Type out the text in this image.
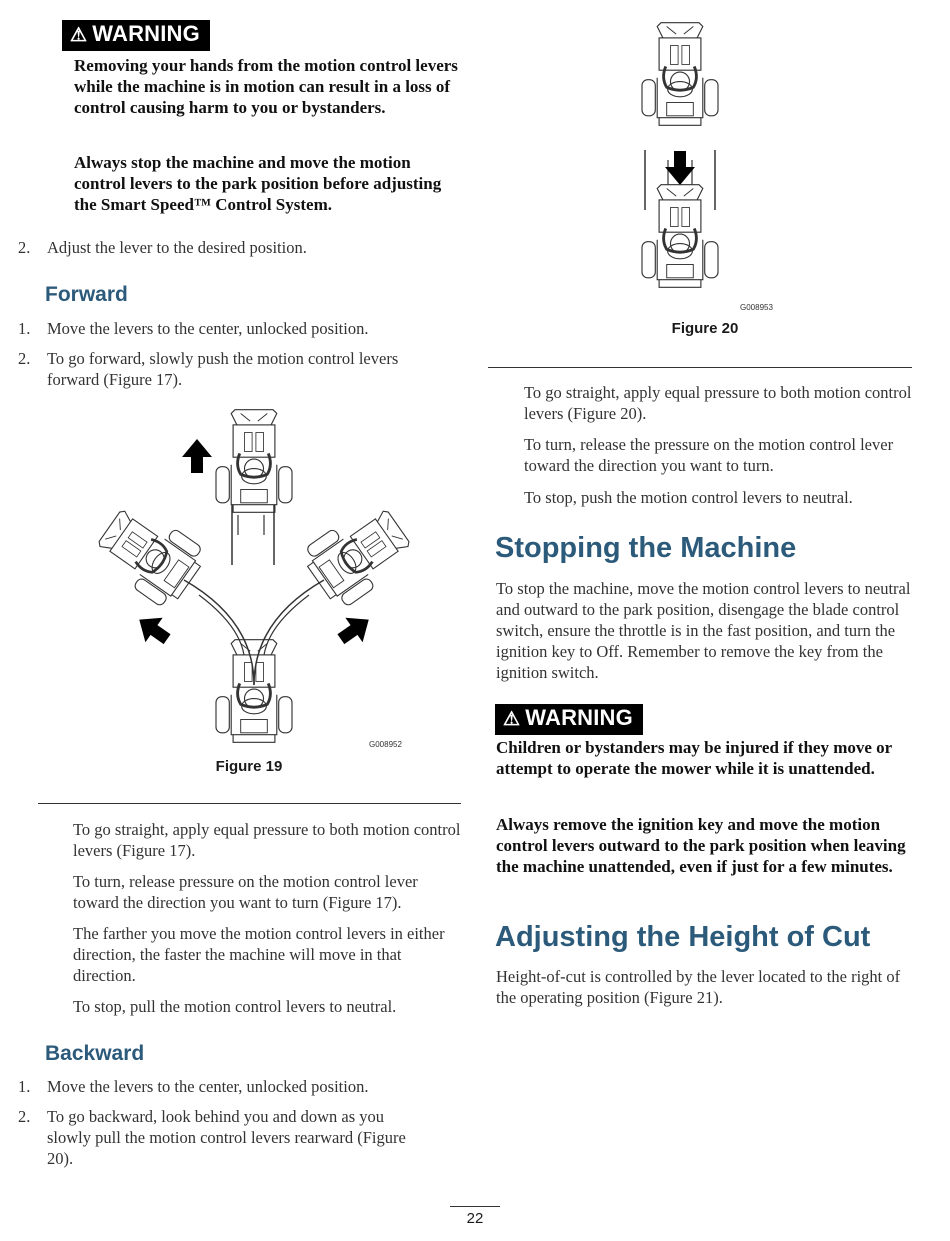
⚠ WARNING
Removing your hands from the motion control levers while the machine is in motion can result in a loss of control causing harm to you or bystanders.
Always stop the machine and move the motion control levers to the park position before adjusting the Smart Speed™ Control System.
2. Adjust the lever to the desired position.
Forward
1. Move the levers to the center, unlocked position.
2. To go forward, slowly push the motion control levers forward (Figure 17).
G008952
Figure 19
To go straight, apply equal pressure to both motion control levers (Figure 17).
To turn, release pressure on the motion control lever toward the direction you want to turn (Figure 17).
The farther you move the motion control levers in either direction, the faster the machine will move in that direction.
To stop, pull the motion control levers to neutral.
Backward
1. Move the levers to the center, unlocked position.
2. To go backward, look behind you and down as you slowly pull the motion control levers rearward (Figure 20).
G008953
Figure 20
To go straight, apply equal pressure to both motion control levers (Figure 20).
To turn, release the pressure on the motion control lever toward the direction you want to turn.
To stop, push the motion control levers to neutral.
Stopping the Machine
To stop the machine, move the motion control levers to neutral and outward to the park position, disengage the blade control switch, ensure the throttle is in the fast position, and turn the ignition key to Off. Remember to remove the key from the ignition switch.
⚠ WARNING
Children or bystanders may be injured if they move or attempt to operate the mower while it is unattended.
Always remove the ignition key and move the motion control levers outward to the park position when leaving the machine unattended, even if just for a few minutes.
Adjusting the Height of Cut
Height-of-cut is controlled by the lever located to the right of the operating position (Figure 21).
22
